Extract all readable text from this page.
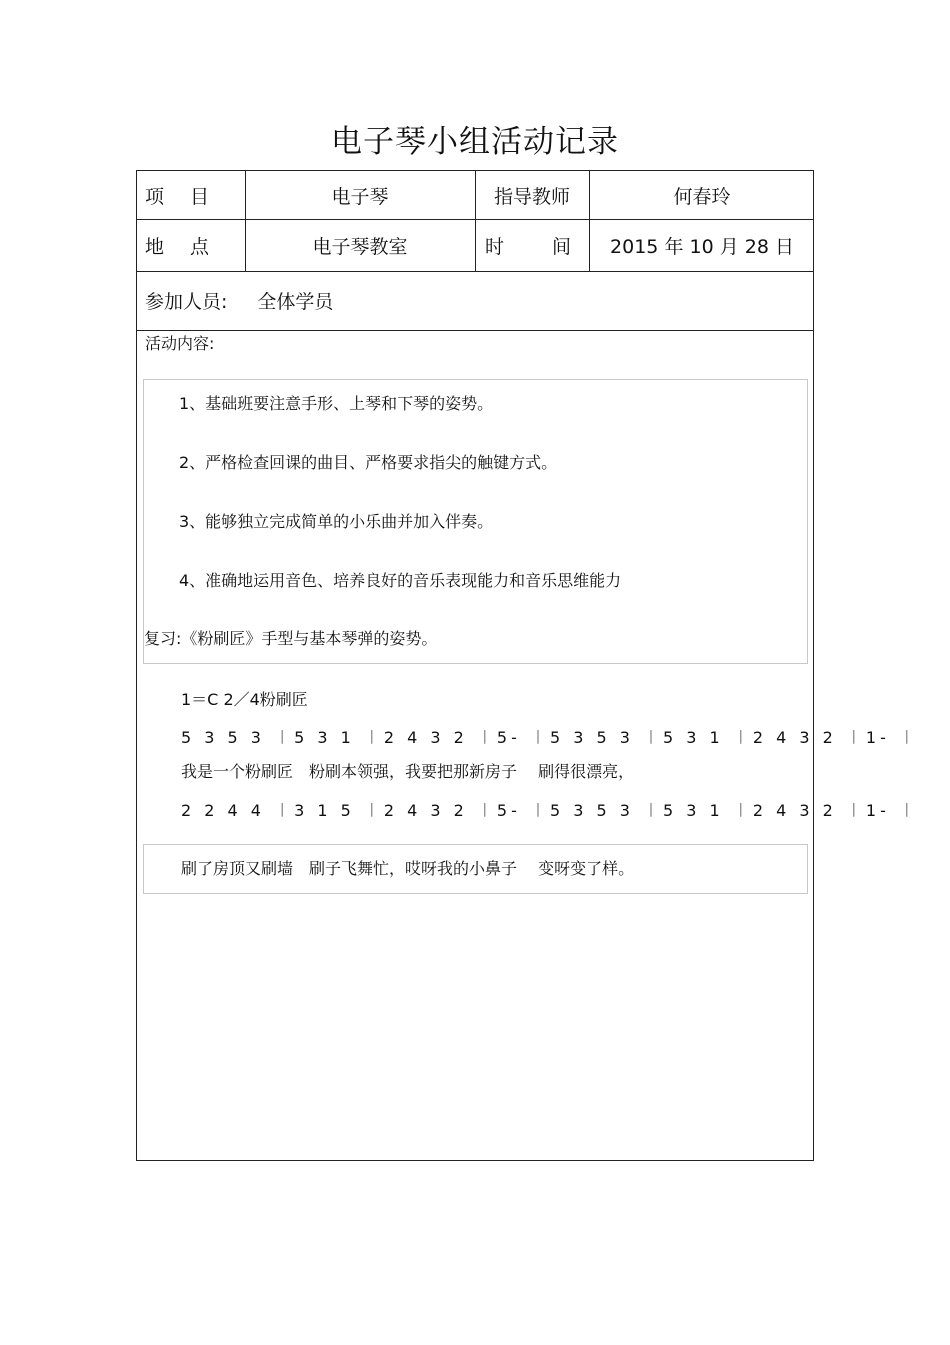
电子琴小组活动记录
项 目	电子琴	指导教师	何春玲
地 点	电子琴教室	时	间	2015 年 10 月 28 日
参加人员: 全体学员
活动内容:
1、基础班要注意手形、上琴和下琴的姿势。
2、严格检查回课的曲目、严格要求指尖的触键方式。
3、能够独立完成简单的小乐曲并加入伴奏。
4、准确地运用音色、培养良好的音乐表现能力和音乐思维能力
复习:《粉刷匠》手型与基本琴弹的姿势。
1＝C 2／4粉刷匠
5 3 5 3 ︱5 3 1 ︱2 4 3 2 ︱5- ︱5 3 5 3 ︱5 3 1 ︱2 4 3 2 ︱1- ︱
我是一个粉刷匠　粉刷本领强，我要把那新房子　 刷得很漂亮，
2 2 4 4 ︱3 1 5 ︱2 4 3 2 ︱5- ︱5 3 5 3 ︱5 3 1 ︱2 4 3 2 ︱1- ︱
刷了房顶又刷墙　刷子飞舞忙，哎呀我的小鼻子　 变呀变了样。
